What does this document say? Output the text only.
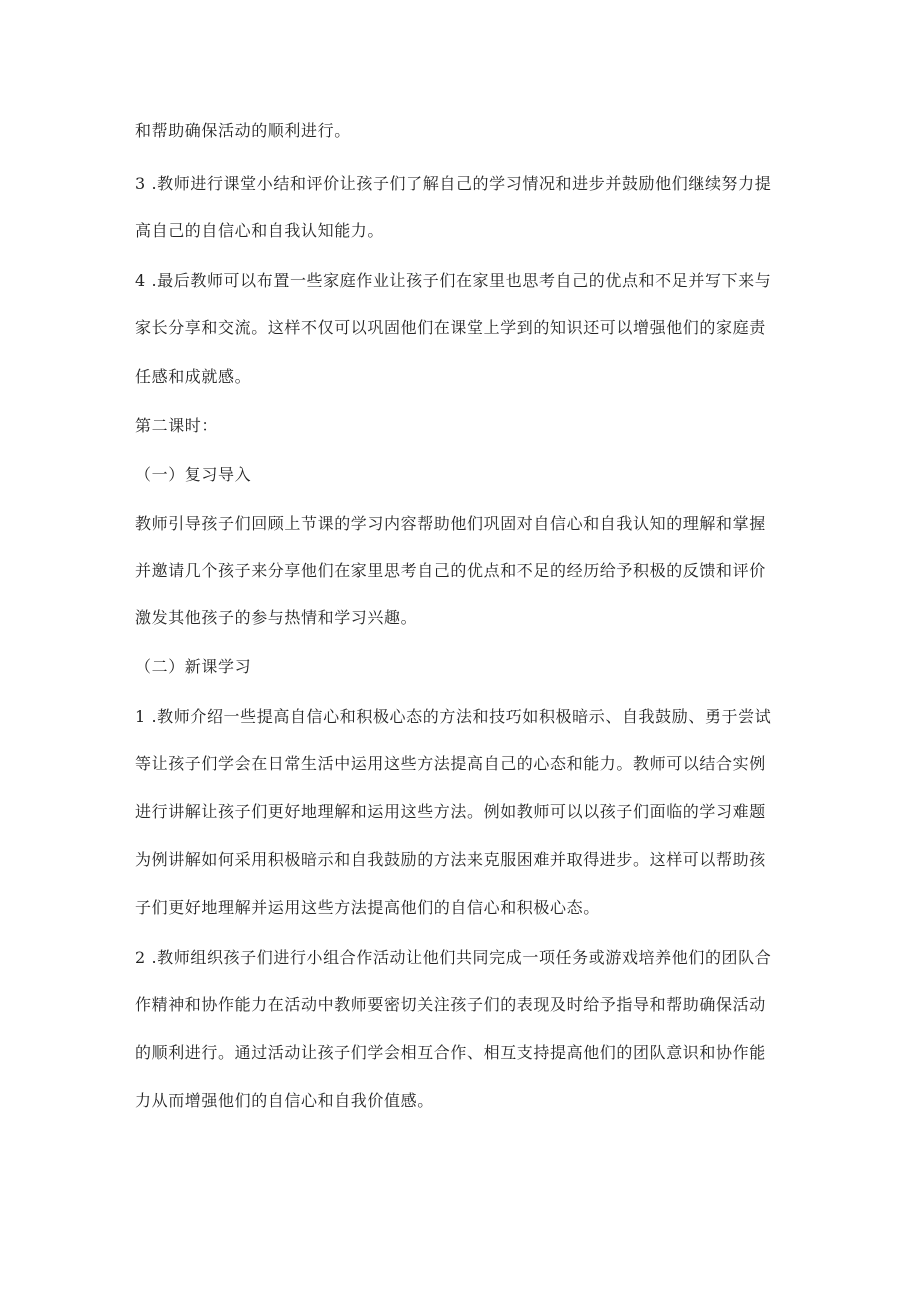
和帮助确保活动的顺利进行。

3 .教师进行课堂小结和评价让孩子们了解自己的学习情况和进步并鼓励他们继续努力提

高自己的自信心和自我认知能力。

4 .最后教师可以布置一些家庭作业让孩子们在家里也思考自己的优点和不足并写下来与

家长分享和交流。这样不仅可以巩固他们在课堂上学到的知识还可以增强他们的家庭责

任感和成就感。

第二课时：

（一）复习导入

教师引导孩子们回顾上节课的学习内容帮助他们巩固对自信心和自我认知的理解和掌握

并邀请几个孩子来分享他们在家里思考自己的优点和不足的经历给予积极的反馈和评价

激发其他孩子的参与热情和学习兴趣。

（二）新课学习

1 .教师介绍一些提高自信心和积极心态的方法和技巧如积极暗示、自我鼓励、勇于尝试

等让孩子们学会在日常生活中运用这些方法提高自己的心态和能力。教师可以结合实例

进行讲解让孩子们更好地理解和运用这些方法。例如教师可以以孩子们面临的学习难题

为例讲解如何采用积极暗示和自我鼓励的方法来克服困难并取得进步。这样可以帮助孩

子们更好地理解并运用这些方法提高他们的自信心和积极心态。

2 .教师组织孩子们进行小组合作活动让他们共同完成一项任务或游戏培养他们的团队合

作精神和协作能力在活动中教师要密切关注孩子们的表现及时给予指导和帮助确保活动

的顺利进行。通过活动让孩子们学会相互合作、相互支持提高他们的团队意识和协作能

力从而增强他们的自信心和自我价值感。
